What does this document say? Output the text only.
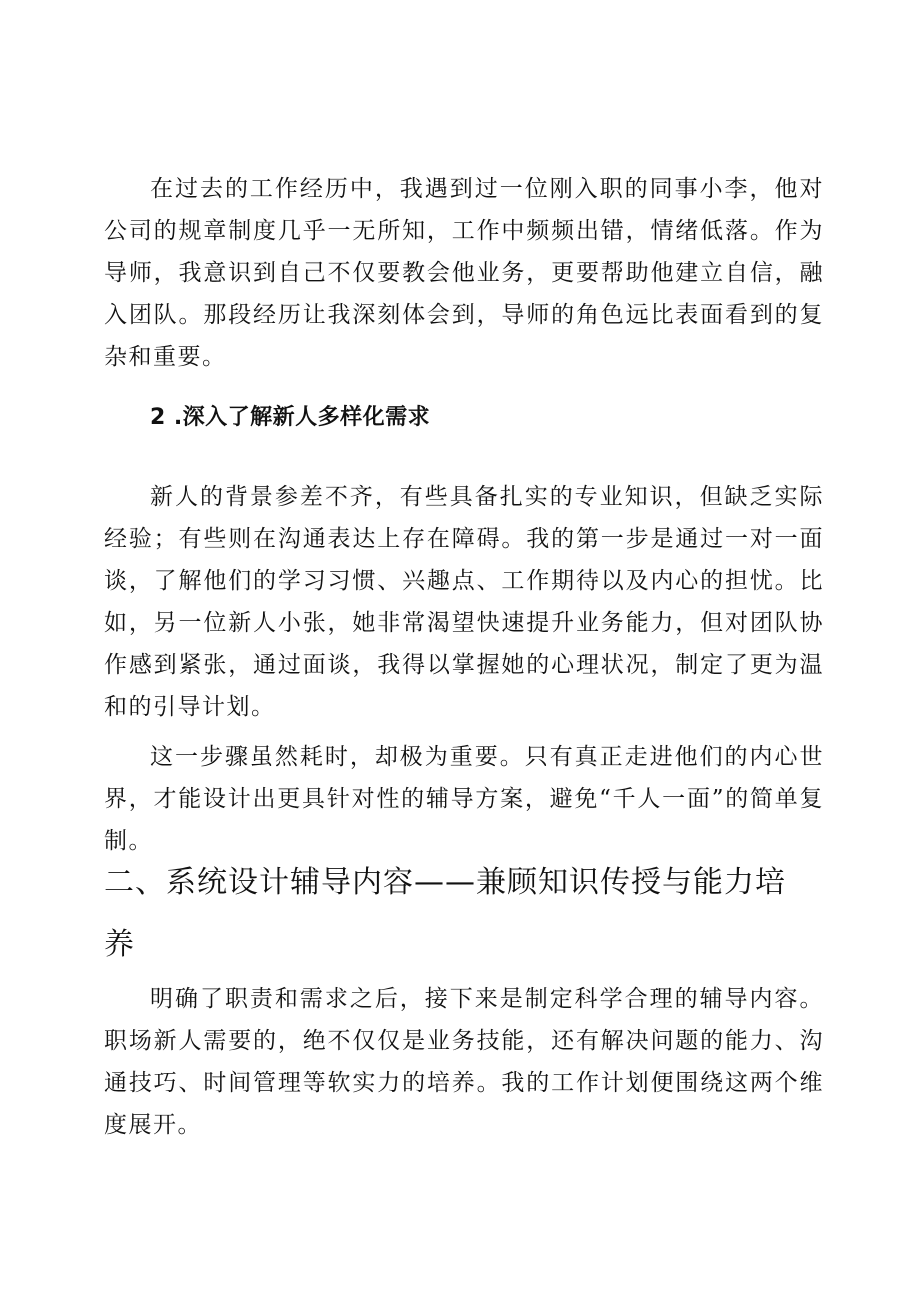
在过去的工作经历中，我遇到过一位刚入职的同事小李，他对公司的规章制度几乎一无所知，工作中频频出错，情绪低落。作为导师，我意识到自己不仅要教会他业务，更要帮助他建立自信，融入团队。那段经历让我深刻体会到，导师的角色远比表面看到的复杂和重要。

2 .深入了解新人多样化需求

新人的背景参差不齐，有些具备扎实的专业知识，但缺乏实际经验；有些则在沟通表达上存在障碍。我的第一步是通过一对一面谈，了解他们的学习习惯、兴趣点、工作期待以及内心的担忧。比如，另一位新人小张，她非常渴望快速提升业务能力，但对团队协作感到紧张，通过面谈，我得以掌握她的心理状况，制定了更为温和的引导计划。

这一步骤虽然耗时，却极为重要。只有真正走进他们的内心世界，才能设计出更具针对性的辅导方案，避免“千人一面”的简单复制。

二、系统设计辅导内容——兼顾知识传授与能力培养

明确了职责和需求之后，接下来是制定科学合理的辅导内容。职场新人需要的，绝不仅仅是业务技能，还有解决问题的能力、沟通技巧、时间管理等软实力的培养。我的工作计划便围绕这两个维度展开。
